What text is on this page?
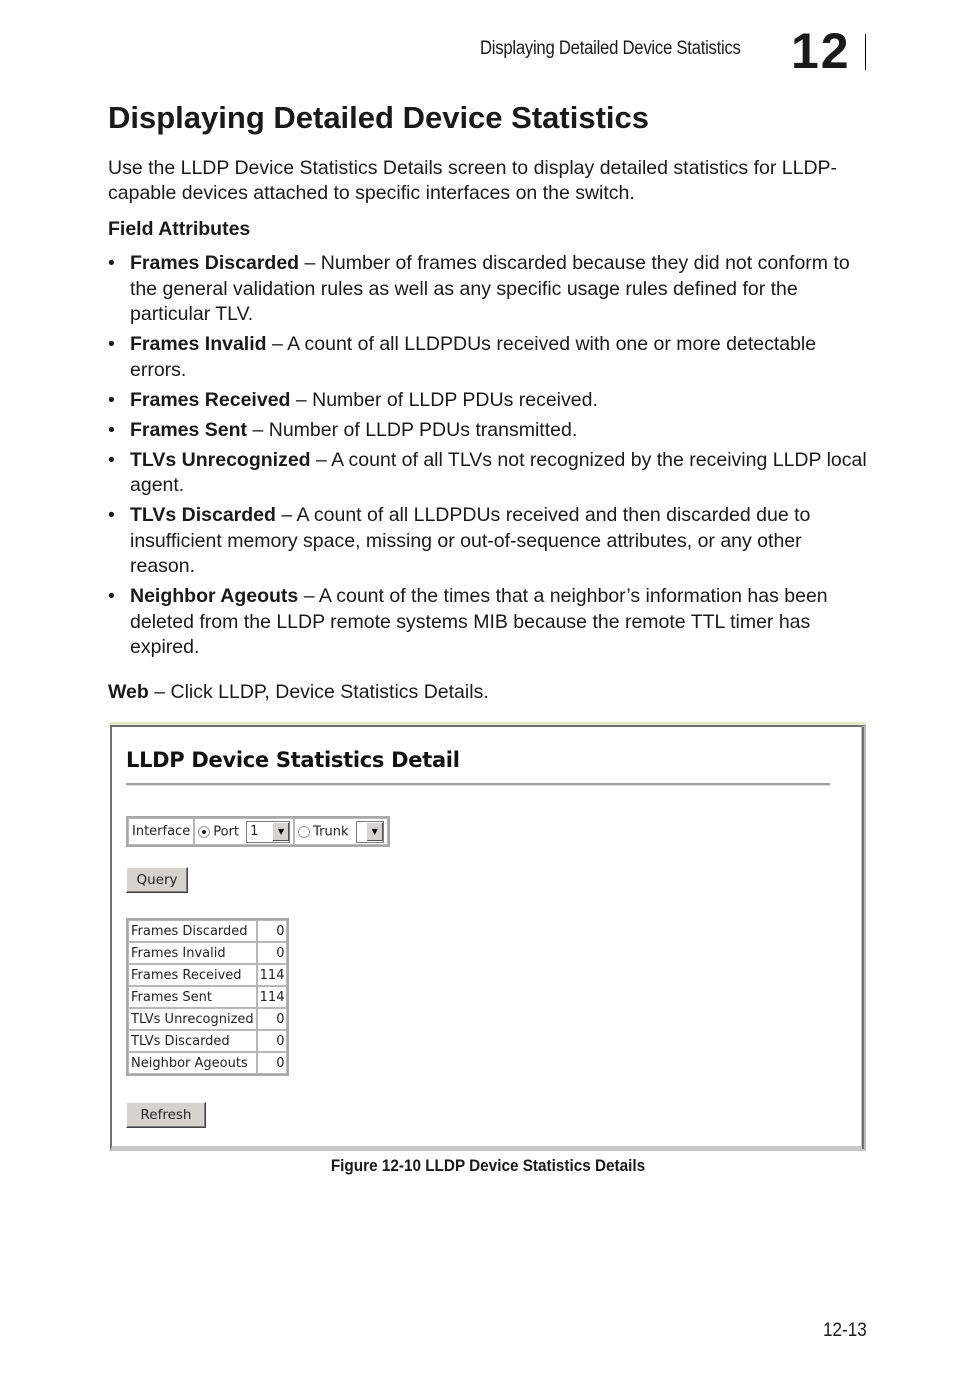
Displaying Detailed Device Statistics 12
Displaying Detailed Device Statistics

Use the LLDP Device Statistics Details screen to display detailed statistics for LLDP-capable devices attached to specific interfaces on the switch.

Field Attributes

• Frames Discarded – Number of frames discarded because they did not conform to the general validation rules as well as any specific usage rules defined for the particular TLV.
• Frames Invalid – A count of all LLDPDUs received with one or more detectable errors.
• Frames Received – Number of LLDP PDUs received.
• Frames Sent – Number of LLDP PDUs transmitted.
• TLVs Unrecognized – A count of all TLVs not recognized by the receiving LLDP local agent.
• TLVs Discarded – A count of all LLDPDUs received and then discarded due to insufficient memory space, missing or out-of-sequence attributes, or any other reason.
• Neighbor Ageouts – A count of the times that a neighbor’s information has been deleted from the LLDP remote systems MIB because the remote TTL timer has expired.

Web – Click LLDP, Device Statistics Details.

LLDP Device Statistics Detail
Interface	Port 1	▼	Trunk	▼
Query
Frames Discarded	0
Frames Invalid	0
Frames Received	114
Frames Sent	114
TLVs Unrecognized	0
TLVs Discarded	0
Neighbor Ageouts	0
Refresh
Figure 12-10 LLDP Device Statistics Details
12-13
